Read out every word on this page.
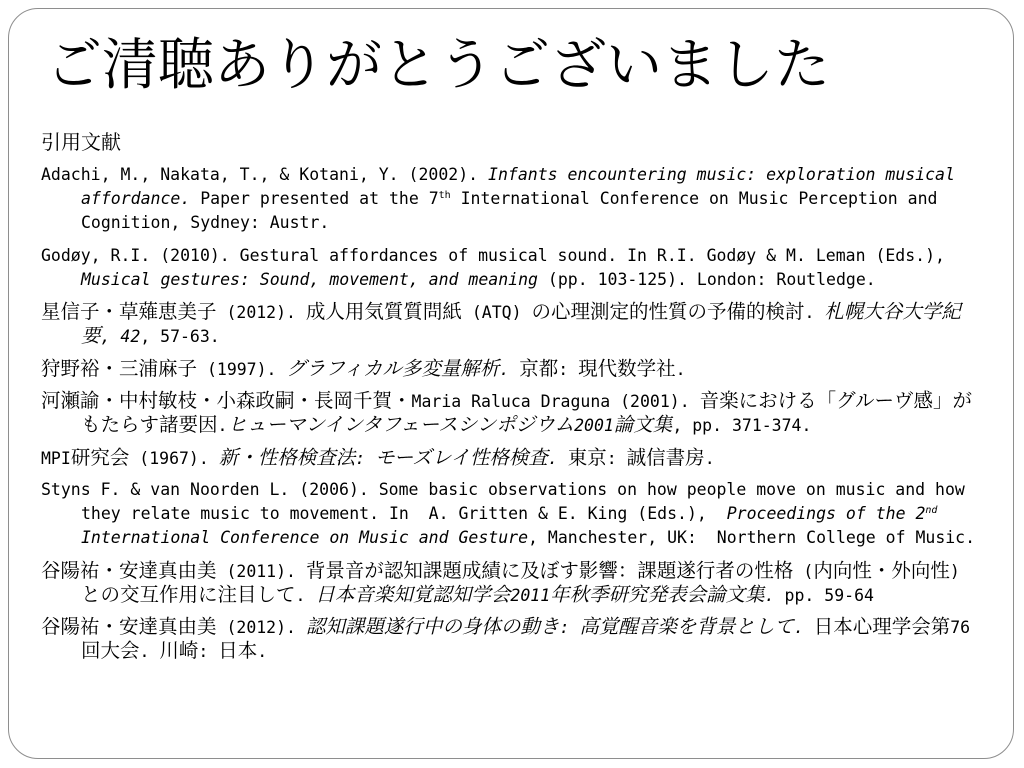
ご清聴ありがとうございました
引用文献
Adachi, M., Nakata, T., & Kotani, Y. (2002). Infants encountering music: exploration musical
affordance. Paper presented at the 7th International Conference on Music Perception and
Cognition, Sydney: Austr.
Godøy, R.I. (2010). Gestural affordances of musical sound. In R.I. Godøy & M. Leman (Eds.),
Musical gestures: Sound, movement, and meaning (pp. 103-125). London: Routledge.
星信子・草薙恵美子 (2012). 成人用気質質問紙 (ATQ) の心理測定的性質の予備的検討. 札幌大谷大学紀
要, 42, 57-63.
狩野裕・三浦麻子 (1997). グラフィカル多変量解析. 京都: 現代数学社.
河瀬諭・中村敏枝・小森政嗣・長岡千賀・Maria Raluca Draguna (2001). 音楽における「グルーヴ感」が
もたらす諸要因.ヒューマンインタフェースシンポジウム2001論文集, pp. 371-374.
MPI研究会 (1967). 新・性格検査法: モーズレイ性格検査. 東京: 誠信書房.
Styns F. & van Noorden L. (2006). Some basic observations on how people move on music and how
they relate music to movement. In  A. Gritten & E. King (Eds.),  Proceedings of the 2nd
International Conference on Music and Gesture, Manchester, UK:  Northern College of Music.
谷陽祐・安達真由美 (2011). 背景音が認知課題成績に及ぼす影響：課題遂行者の性格 (内向性・外向性)
との交互作用に注目して. 日本音楽知覚認知学会2011年秋季研究発表会論文集. pp. 59-64
谷陽祐・安達真由美 (2012). 認知課題遂行中の身体の動き: 高覚醒音楽を背景として. 日本心理学会第76
回大会. 川崎: 日本.
